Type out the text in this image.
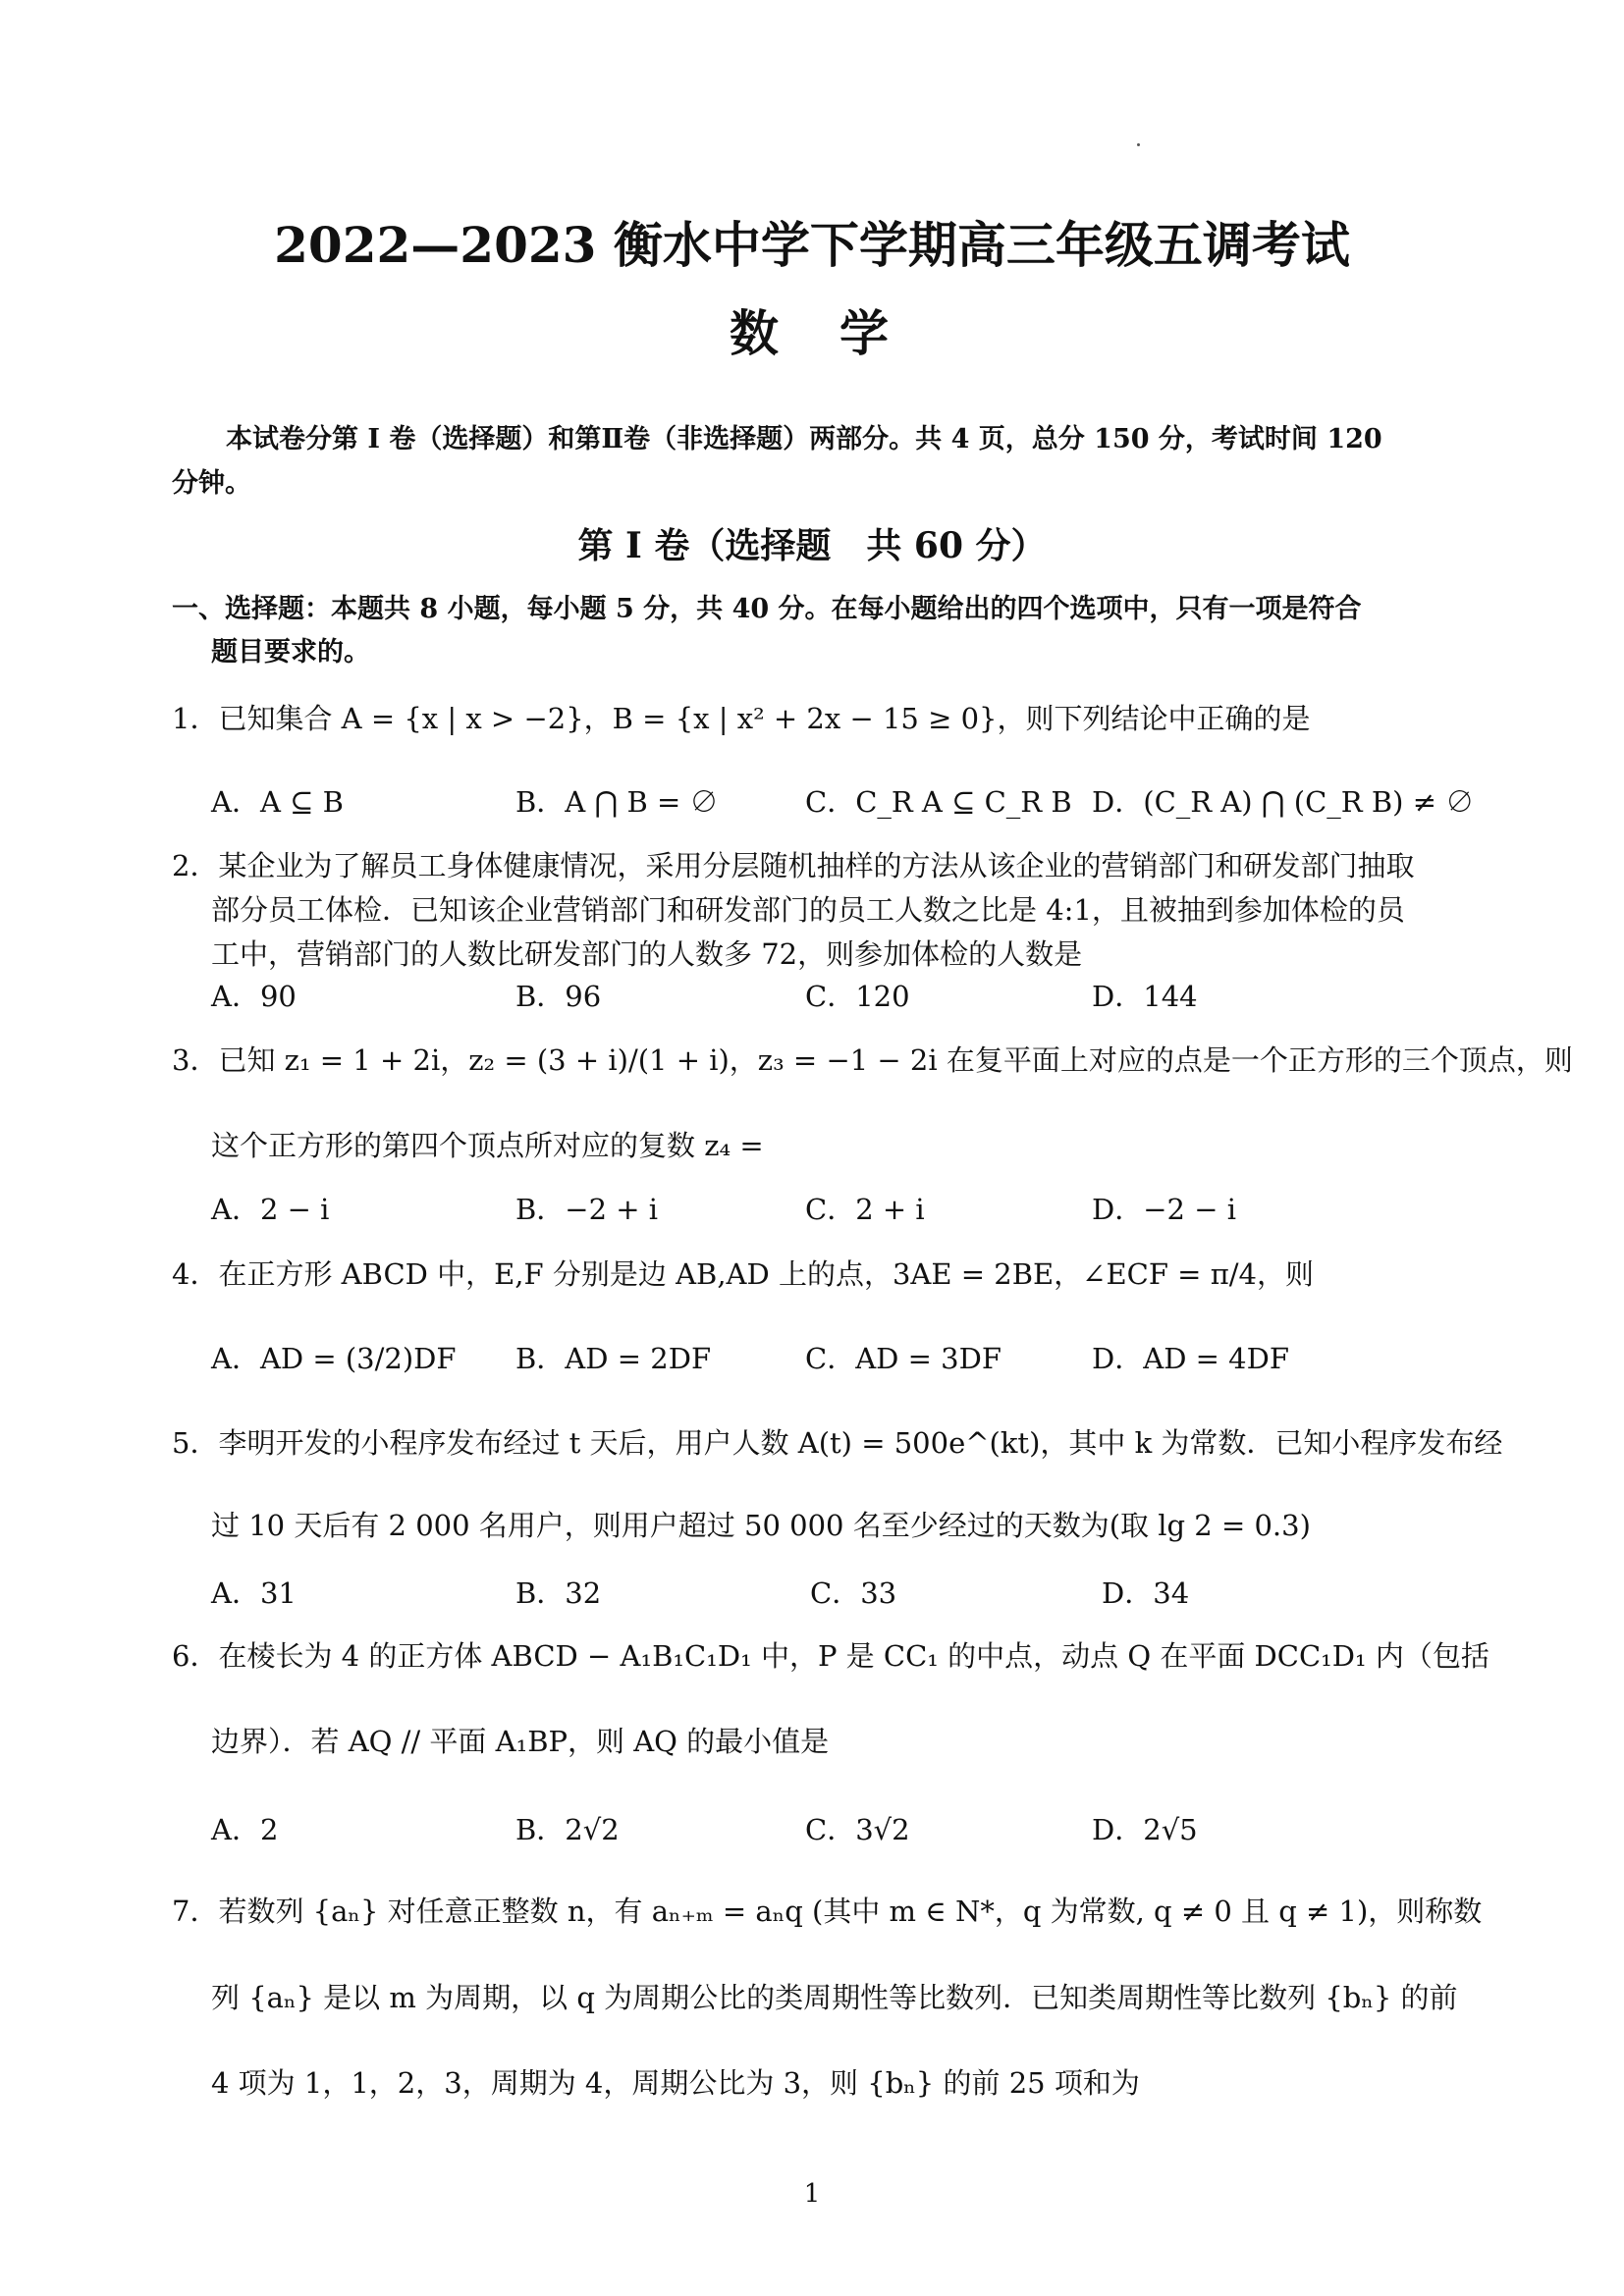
2022—2023 衡水中学下学期高三年级五调考试
数　学
本试卷分第 I 卷（选择题）和第Ⅱ卷（非选择题）两部分。共 4 页，总分 150 分，考试时间 120
分钟。
第 I 卷（选择题　共 60 分）
一、选择题：本题共 8 小题，每小题 5 分，共 40 分。在每小题给出的四个选项中，只有一项是符合
题目要求的。
1．已知集合 A = {x | x > −2}，B = {x | x² + 2x − 15 ≥ 0}，则下列结论中正确的是
A．A ⊆ B	B．A ⋂ B = ∅	C．C_R A ⊆ C_R B D．(C_R A) ⋂ (C_R B) ≠ ∅
2．某企业为了解员工身体健康情况，采用分层随机抽样的方法从该企业的营销部门和研发部门抽取
部分员工体检．已知该企业营销部门和研发部门的员工人数之比是 4:1，且被抽到参加体检的员
工中，营销部门的人数比研发部门的人数多 72，则参加体检的人数是
A．90	B．96	C．120	D．144
3．已知 z₁ = 1 + 2i，z₂ = (3 + i)/(1 + i)，z₃ = −1 − 2i 在复平面上对应的点是一个正方形的三个顶点，则
这个正方形的第四个顶点所对应的复数 z₄ =
A．2 − i	B．−2 + i	C．2 + i	D．−2 − i
4．在正方形 ABCD 中，E,F 分别是边 AB,AD 上的点，3AE = 2BE，∠ECF = π/4，则
A．AD = (3/2)DF B．AD = 2DF	C．AD = 3DF	D．AD = 4DF
5．李明开发的小程序发布经过 t 天后，用户人数 A(t) = 500e^(kt)，其中 k 为常数．已知小程序发布经
过 10 天后有 2 000 名用户，则用户超过 50 000 名至少经过的天数为(取 lg 2 = 0.3)
A．31	B．32	C．33	D．34
6．在棱长为 4 的正方体 ABCD − A₁B₁C₁D₁ 中，P 是 CC₁ 的中点，动点 Q 在平面 DCC₁D₁ 内（包括
边界）．若 AQ // 平面 A₁BP，则 AQ 的最小值是
A．2	B．2√2	C．3√2	D．2√5
7．若数列 {aₙ} 对任意正整数 n，有 aₙ₊ₘ = aₙq (其中 m ∈ N*，q 为常数, q ≠ 0 且 q ≠ 1)，则称数
列 {aₙ} 是以 m 为周期，以 q 为周期公比的类周期性等比数列．已知类周期性等比数列 {bₙ} 的前
4 项为 1，1，2，3，周期为 4，周期公比为 3，则 {bₙ} 的前 25 项和为
1
